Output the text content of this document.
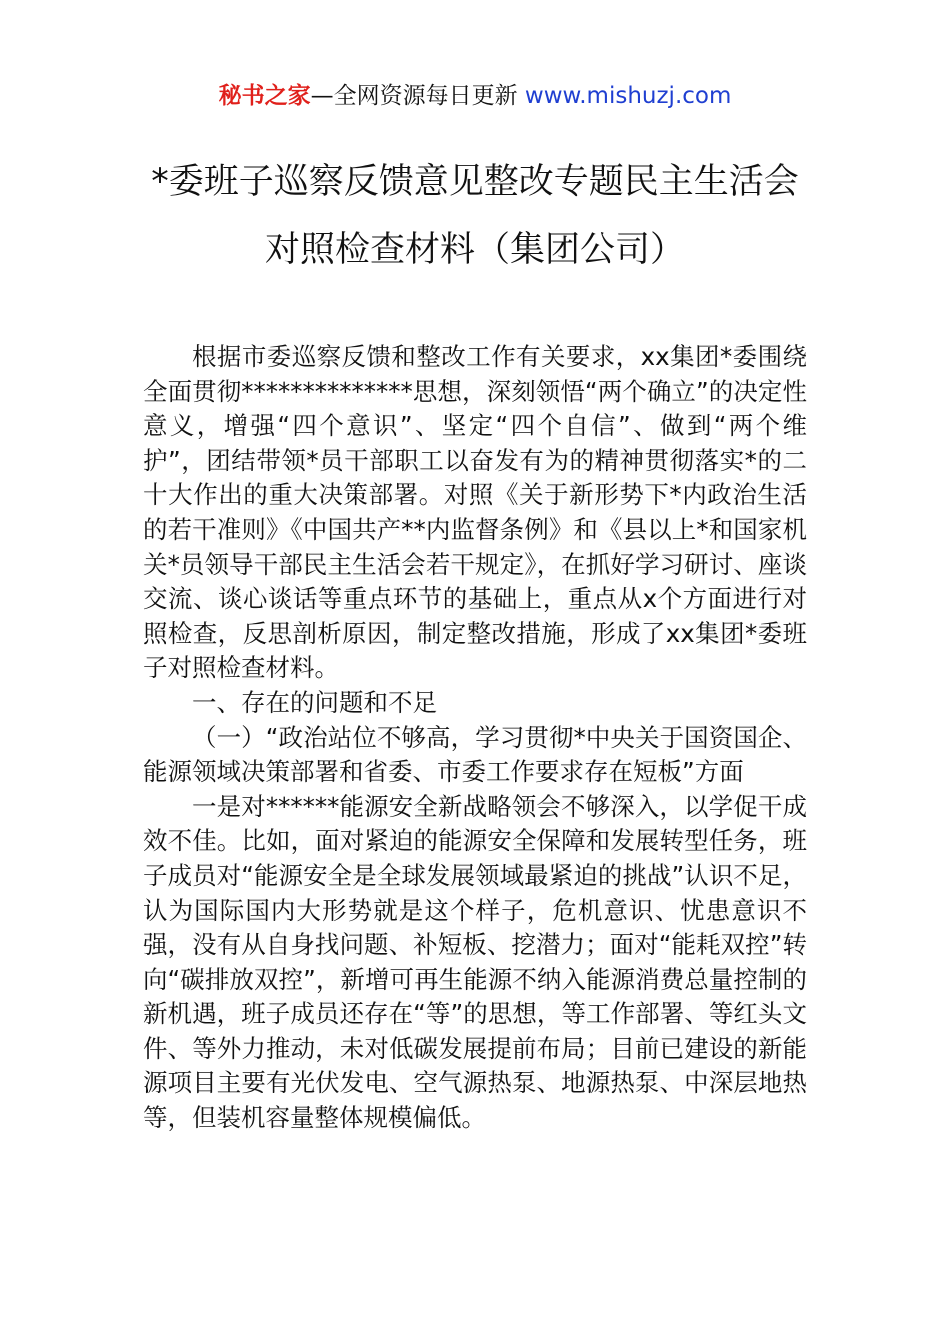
秘书之家—全网资源每日更新 www.mishuzj.com
*委班子巡察反馈意见整改专题民主生活会
对照检查材料（集团公司）

根据市委巡察反馈和整改工作有关要求，xx集团*委围绕全面贯彻**************思想，深刻领悟“两个确立”的决定性意义，增强“四个意识”、坚定“四个自信”、做到“两个维护”，团结带领*员干部职工以奋发有为的精神贯彻落实*的二十大作出的重大决策部署。对照《关于新形势下*内政治生活的若干准则》《中国共产**内监督条例》和《县以上*和国家机关*员领导干部民主生活会若干规定》，在抓好学习研讨、座谈交流、谈心谈话等重点环节的基础上，重点从x个方面进行对照检查，反思剖析原因，制定整改措施，形成了xx集团*委班子对照检查材料。

一、存在的问题和不足

（一）“政治站位不够高，学习贯彻*中央关于国资国企、能源领域决策部署和省委、市委工作要求存在短板”方面

一是对******能源安全新战略领会不够深入，以学促干成效不佳。比如，面对紧迫的能源安全保障和发展转型任务，班子成员对“能源安全是全球发展领域最紧迫的挑战”认识不足，认为国际国内大形势就是这个样子，危机意识、忧患意识不强，没有从自身找问题、补短板、挖潜力；面对“能耗双控”转向“碳排放双控”，新增可再生能源不纳入能源消费总量控制的新机遇，班子成员还存在“等”的思想，等工作部署、等红头文件、等外力推动，未对低碳发展提前布局；目前已建设的新能源项目主要有光伏发电、空气源热泵、地源热泵、中深层地热等，但装机容量整体规模偏低。
